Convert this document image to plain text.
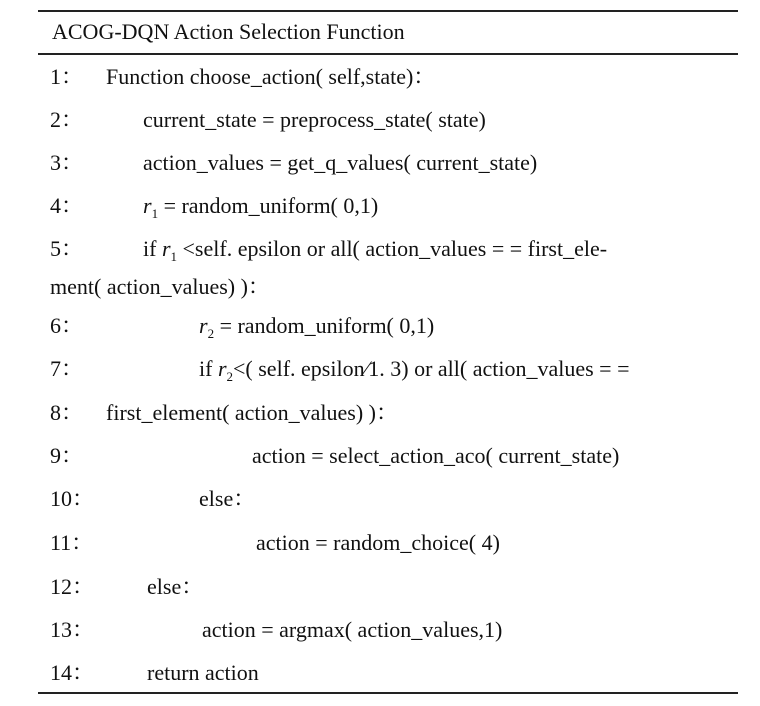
ACOG-DQN Action Selection Function
1： Function choose_action( self,state)：
2：	current_state = preprocess_state( state)
3：	action_values = get_q_values( current_state)
4：	$r_1$ = random_uniform( 0,1)
5：	if $r_1$ <self. epsilon or all( action_values = = first_ele-
ment( action_values) )：
6：	$r_2$ = random_uniform( 0,1)
7：	if $r_2<$( self. epsilon⁄1. 3) or all( action_values = =
8： first_element( action_values) )：
9：	action = select_action_aco( current_state)
10：	else：
11：	action = random_choice( 4)
12： else：
13：	action = argmax( action_values,1)
14： return action
